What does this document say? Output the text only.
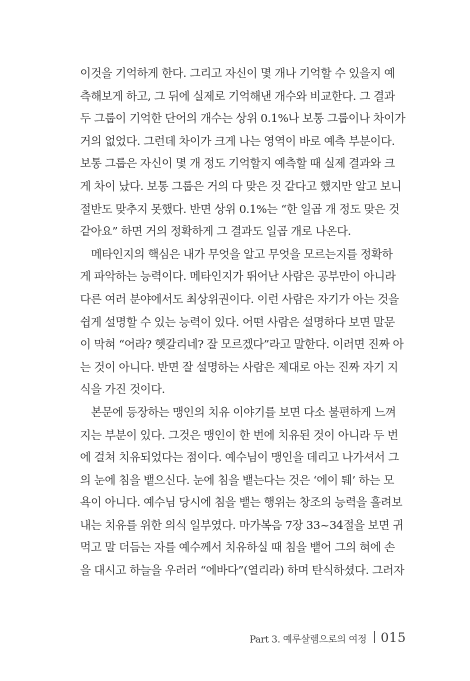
이것을 기억하게 한다. 그리고 자신이 몇 개나 기억할 수 있을지 예
측해보게 하고, 그 뒤에 실제로 기억해낸 개수와 비교한다. 그 결과
두 그룹이 기억한 단어의 개수는 상위 0.1%나 보통 그룹이나 차이가
거의 없었다. 그런데 차이가 크게 나는 영역이 바로 예측 부분이다.
보통 그룹은 자신이 몇 개 정도 기억할지 예측할 때 실제 결과와 크
게 차이 났다. 보통 그룹은 거의 다 맞은 것 같다고 했지만 알고 보니
절반도 맞추지 못했다. 반면 상위 0.1%는 “한 일곱 개 정도 맞은 것
같아요” 하면 거의 정확하게 그 결과도 일곱 개로 나온다.
메타인지의 핵심은 내가 무엇을 알고 무엇을 모르는지를 정확하
게 파악하는 능력이다. 메타인지가 뛰어난 사람은 공부만이 아니라
다른 여러 분야에서도 최상위권이다. 이런 사람은 자기가 아는 것을
쉽게 설명할 수 있는 능력이 있다. 어떤 사람은 설명하다 보면 말문
이 막혀 “어라? 헷갈리네? 잘 모르겠다”라고 말한다. 이러면 진짜 아
는 것이 아니다. 반면 잘 설명하는 사람은 제대로 아는 진짜 자기 지
식을 가진 것이다.
본문에 등장하는 맹인의 치유 이야기를 보면 다소 불편하게 느껴
지는 부분이 있다. 그것은 맹인이 한 번에 치유된 것이 아니라 두 번
에 걸쳐 치유되었다는 점이다. 예수님이 맹인을 데리고 나가셔서 그
의 눈에 침을 뱉으신다. 눈에 침을 뱉는다는 것은 ‘에이 퉤’ 하는 모
욕이 아니다. 예수님 당시에 침을 뱉는 행위는 창조의 능력을 흘려보
내는 치유를 위한 의식 일부였다. 마가복음 7장 33~34절을 보면 귀
먹고 말 더듬는 자를 예수께서 치유하실 때 침을 뱉어 그의 혀에 손
을 대시고 하늘을 우러러 “에바다”(열리라) 하며 탄식하셨다. 그러자
Part 3. 예루살렘으로의 여정 015
